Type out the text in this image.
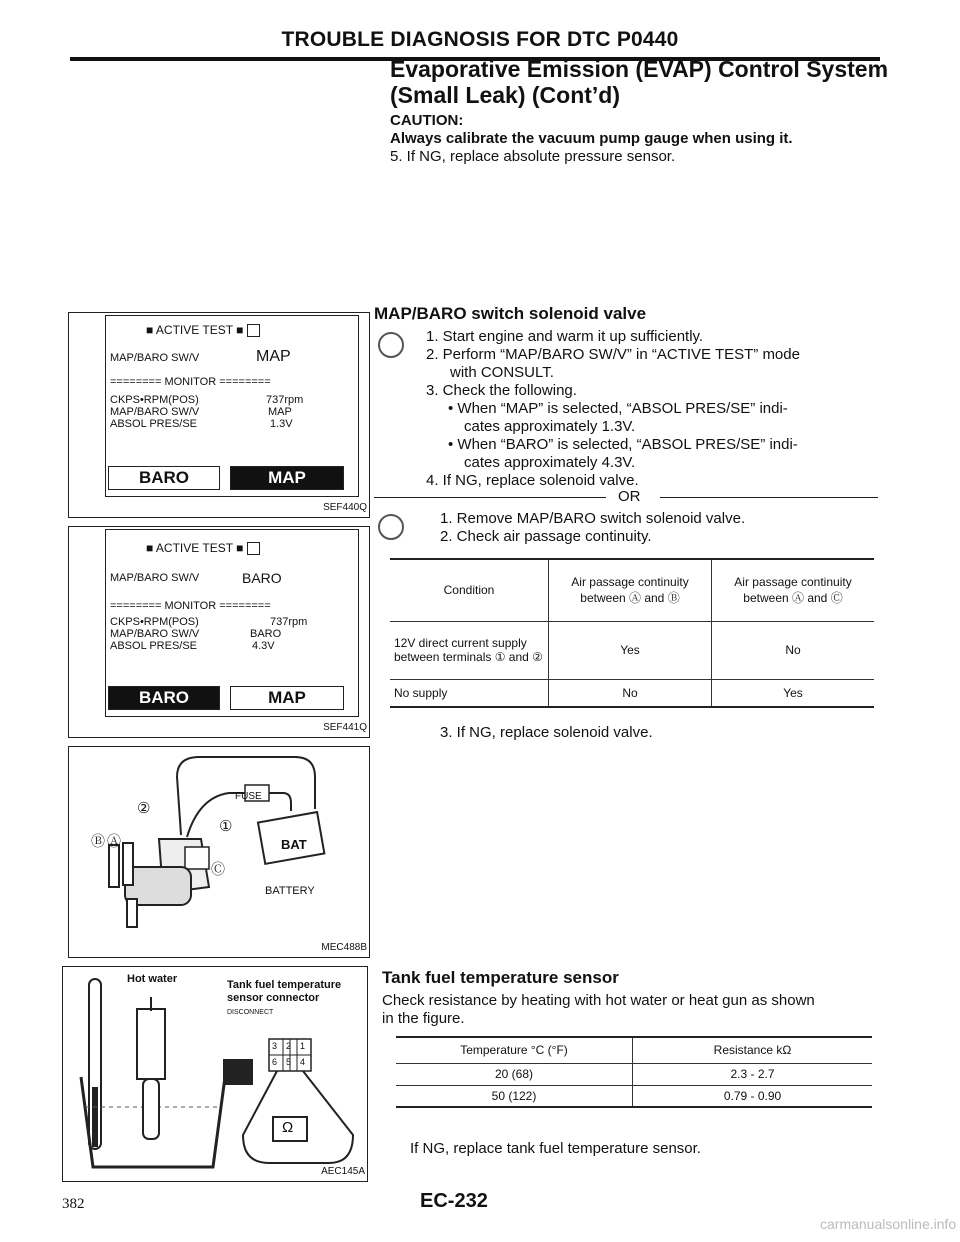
TROUBLE DIAGNOSIS FOR DTC P0440
Evaporative Emission (EVAP) Control System
(Small Leak) (Cont’d)
CAUTION:
Always calibrate the vacuum pump gauge when using it.
5. If NG, replace absolute pressure sensor.
■ ACTIVE TEST ■
MAP/BARO SW/V	MAP
======== MONITOR ========
CKPS•RPM(POS)	737rpm
MAP/BARO SW/V	MAP
ABSOL PRES/SE	1.3V
BARO	MAP
SEF440Q
■ ACTIVE TEST ■
MAP/BARO SW/V	BARO
======== MONITOR ========
CKPS•RPM(POS)	737rpm
MAP/BARO SW/V	BARO
ABSOL PRES/SE	4.3V
BARO	MAP
SEF441Q
FUSE
BAT
BATTERY
②
①
Ⓑ Ⓐ
Ⓒ
MEC488B
Hot water	Tank fuel temperature
sensor connector
DISCONNECT
3 2 1
6 5 4
Ω
AEC145A
MAP/BARO switch solenoid valve
1. Start engine and warm it up sufficiently.
2. Perform “MAP/BARO SW/V” in “ACTIVE TEST” mode
with CONSULT.
3. Check the following.
• When “MAP” is selected, “ABSOL PRES/SE” indi-
cates approximately 1.3V.
• When “BARO” is selected, “ABSOL PRES/SE” indi-
cates approximately 4.3V.
4. If NG, replace solenoid valve.
OR
1. Remove MAP/BARO switch solenoid valve.
2. Check air passage continuity.
Condition	Air passage continuity between Ⓐ and Ⓑ	Air passage continuity between Ⓐ and Ⓒ
12V direct current supply between terminals ① and ②	Yes	No
No supply	No	Yes
3. If NG, replace solenoid valve.
Tank fuel temperature sensor
Check resistance by heating with hot water or heat gun as shown
in the figure.
Temperature °C (°F)	Resistance kΩ
20 (68)	2.3 - 2.7
50 (122)	0.79 - 0.90
If NG, replace tank fuel temperature sensor.
382	EC-232
carmanualsonline.info
